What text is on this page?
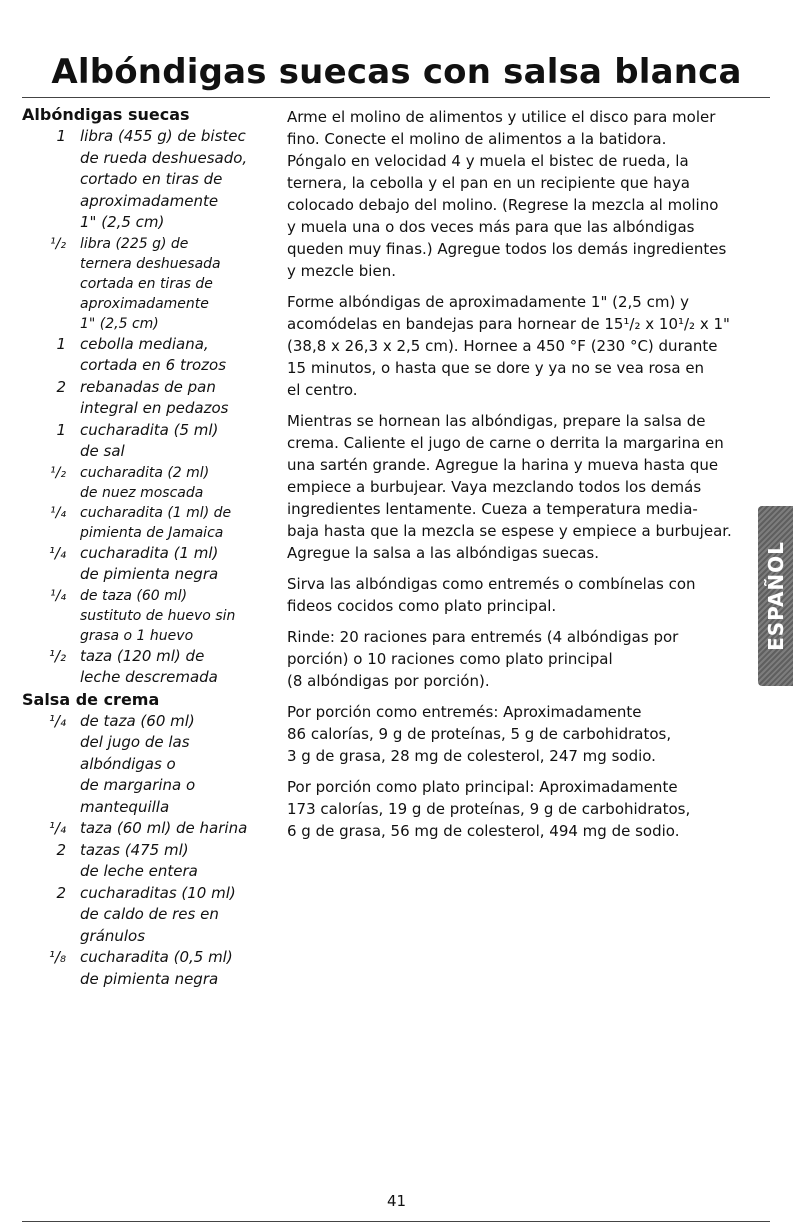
Albóndigas suecas con salsa blanca
Albóndigas suecas
1 libra (455 g) de bistec
de rueda deshuesado,
cortado en tiras de
aproximadamente
1" (2,5 cm)
¹/₂ libra (225 g) de
ternera deshuesada
cortada en tiras de
aproximadamente
1" (2,5 cm)
1 cebolla mediana,
cortada en 6 trozos
2 rebanadas de pan
integral en pedazos
1 cucharadita (5 ml)
de sal
¹/₂ cucharadita (2 ml)
de nuez moscada
¹/₄ cucharadita (1 ml) de
pimienta de Jamaica
¹/₄ cucharadita (1 ml)
de pimienta negra
¹/₄ de taza (60 ml)
sustituto de huevo sin
grasa o 1 huevo
¹/₂ taza (120 ml) de
leche descremada
Salsa de crema
¹/₄ de taza (60 ml)
del jugo de las
albóndigas o
de margarina o
mantequilla
¹/₄ taza (60 ml) de harina
2 tazas (475 ml)
de leche entera
2 cucharaditas (10 ml)
de caldo de res en
gránulos
¹/₈ cucharadita (0,5 ml)
de pimienta negra

Arme el molino de alimentos y utilice el disco para moler
fino. Conecte el molino de alimentos a la batidora.
Póngalo en velocidad 4 y muela el bistec de rueda, la
ternera, la cebolla y el pan en un recipiente que haya
colocado debajo del molino. (Regrese la mezcla al molino
y muela una o dos veces más para que las albóndigas
queden muy finas.) Agregue todos los demás ingredientes
y mezcle bien.

Forme albóndigas de aproximadamente 1" (2,5 cm) y
acomódelas en bandejas para hornear de 15¹/₂ x 10¹/₂ x 1"
(38,8 x 26,3 x 2,5 cm). Hornee a 450 °F (230 °C) durante
15 minutos, o hasta que se dore y ya no se vea rosa en
el centro.

Mientras se hornean las albóndigas, prepare la salsa de
crema. Caliente el jugo de carne o derrita la margarina en
una sartén grande. Agregue la harina y mueva hasta que
empiece a burbujear. Vaya mezclando todos los demás
ingredientes lentamente. Cueza a temperatura media-
baja hasta que la mezcla se espese y empiece a burbujear.
Agregue la salsa a las albóndigas suecas.

Sirva las albóndigas como entremés o combínelas con
fideos cocidos como plato principal.

Rinde: 20 raciones para entremés (4 albóndigas por
porción) o 10 raciones como plato principal
(8 albóndigas por porción).

Por porción como entremés: Aproximadamente
86 calorías, 9 g de proteínas, 5 g de carbohidratos,
3 g de grasa, 28 mg de colesterol, 247 mg sodio.

Por porción como plato principal: Aproximadamente
173 calorías, 19 g de proteínas, 9 g de carbohidratos,
6 g de grasa, 56 mg de colesterol, 494 mg de sodio.

ESPAÑOL
41
